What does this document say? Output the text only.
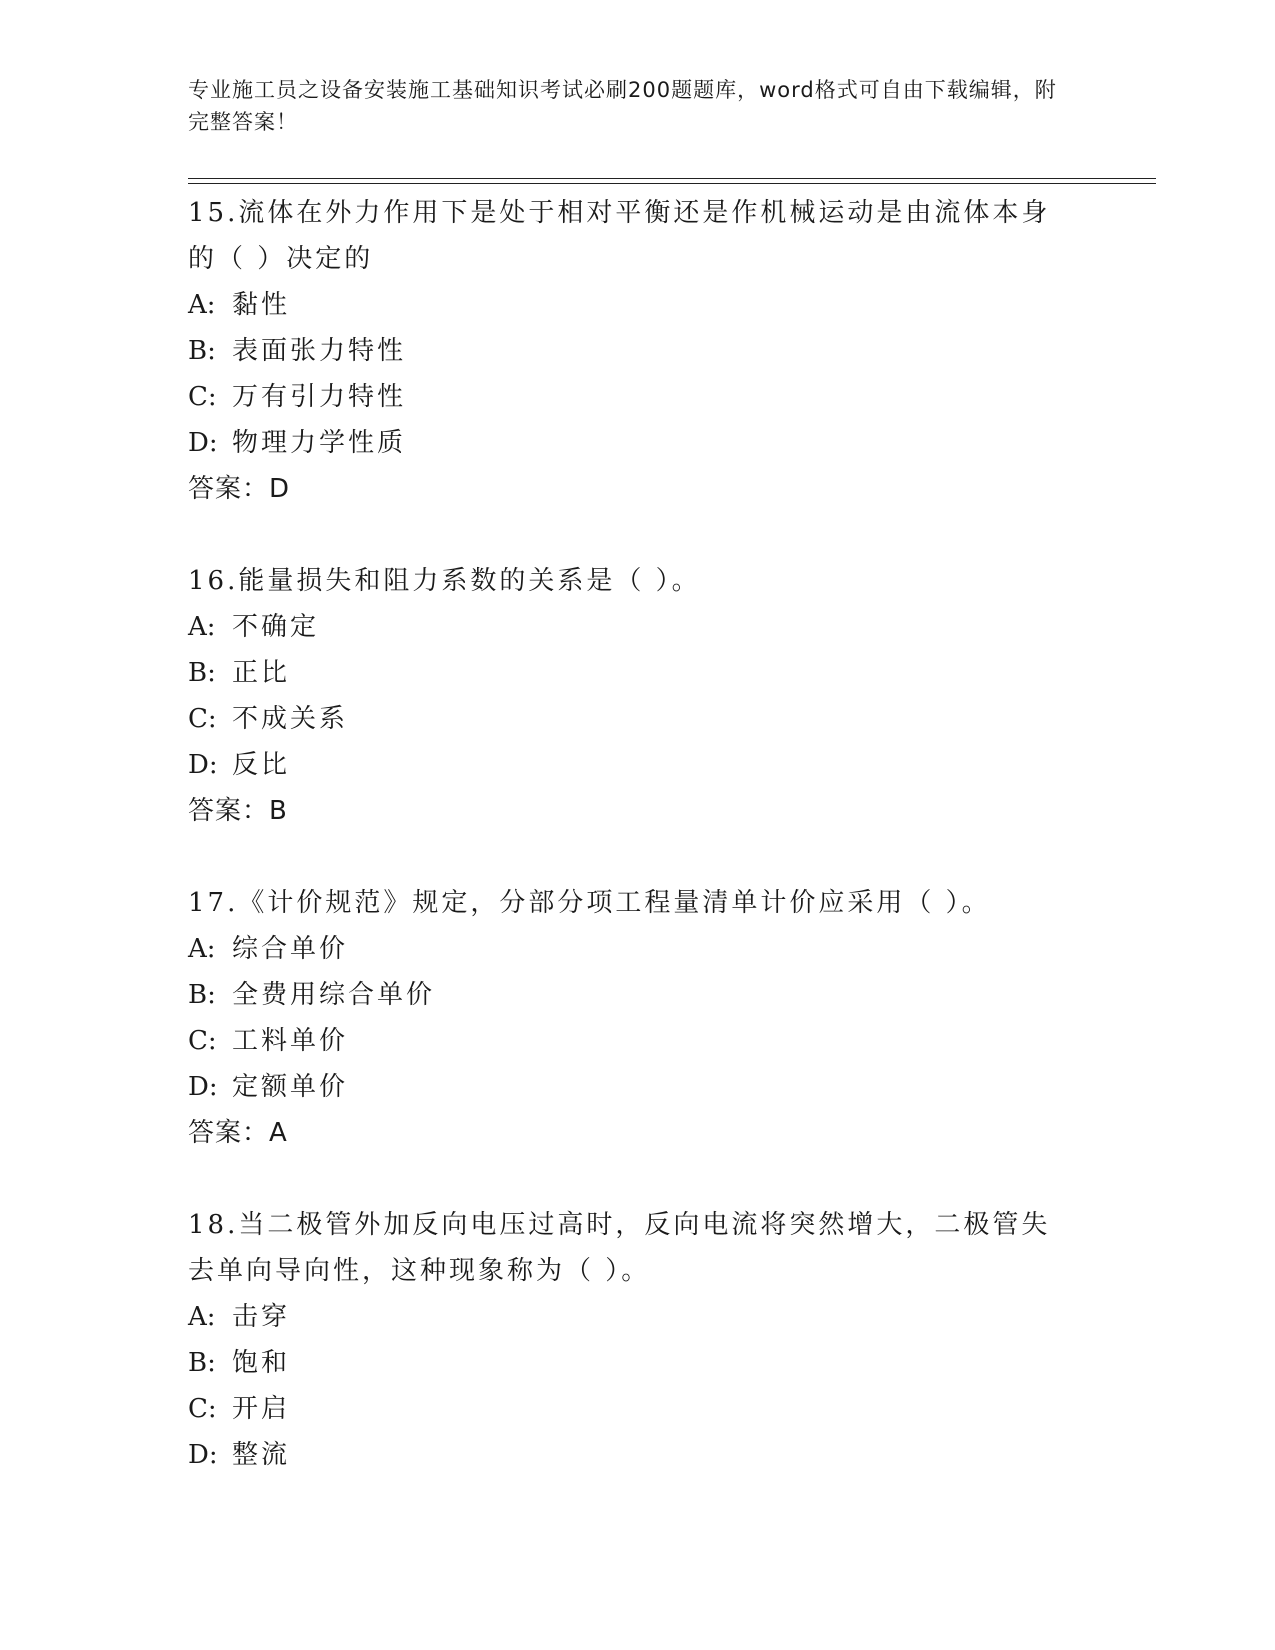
专业施工员之设备安装施工基础知识考试必刷200题题库，word格式可自由下载编辑，附完整答案！
15.流体在外力作用下是处于相对平衡还是作机械运动是由流体本身的（ ）决定的
A: 黏性
B: 表面张力特性
C: 万有引力特性
D: 物理力学性质
答案：D
16.能量损失和阻力系数的关系是（ ）。
A: 不确定
B: 正比
C: 不成关系
D: 反比
答案：B
17.《计价规范》规定，分部分项工程量清单计价应采用（ ）。
A: 综合单价
B: 全费用综合单价
C: 工料单价
D: 定额单价
答案：A
18.当二极管外加反向电压过高时，反向电流将突然增大，二极管失去单向导向性，这种现象称为（ ）。
A: 击穿
B: 饱和
C: 开启
D: 整流
